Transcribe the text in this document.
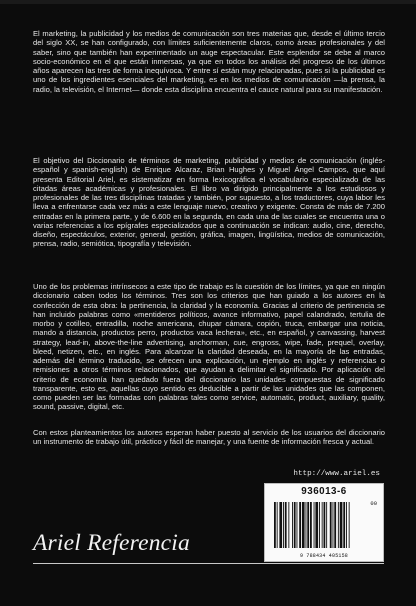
El marketing, la publicidad y los medios de comunicación son tres materias que, desde el último tercio del siglo XX, se han configurado, con límites suficientemente claros, como áreas profesionales y del saber, sino que también han experimentado un auge espectacular. Este esplendor se debe al marco socio-económico en el que están inmersas, ya que en todos los análisis del progreso de los últimos años aparecen las tres de forma inequívoca. Y entre sí están muy relacionadas, pues si la publicidad es uno de los ingredientes esenciales del marketing, es en los medios de comunicación —la prensa, la radio, la televisión, el Internet— donde esta disciplina encuentra el cauce natural para su manifestación.
El objetivo del Diccionario de términos de marketing, publicidad y medios de comunicación (inglés-español y spanish-english) de Enrique Alcaraz, Brian Hughes y Miguel Ángel Campos, que aquí presenta Editorial Ariel, es sistematizar en forma lexicográfica el vocabulario especializado de las citadas áreas académicas y profesionales. El libro va dirigido principalmente a los estudiosos y profesionales de las tres disciplinas tratadas y también, por supuesto, a los traductores, cuya labor les lleva a enfrentarse cada vez más a este lenguaje nuevo, creativo y exigente. Consta de más de 7.200 entradas en la primera parte, y de 6.600 en la segunda, en cada una de las cuales se encuentra una o varias referencias a los epígrafes especializados que a continuación se indican: audio, cine, derecho, diseño, espectáculos, exterior, general, gestión, gráfica, imagen, lingüística, medios de comunicación, prensa, radio, semiótica, tipografía y televisión.
Uno de los problemas intrínsecos a este tipo de trabajo es la cuestión de los límites, ya que en ningún diccionario caben todos los términos. Tres son los criterios que han guiado a los autores en la confección de esta obra: la pertinencia, la claridad y la economía. Gracias al criterio de pertinencia se han incluido palabras como «mentideros políticos, avance informativo, papel calandrado, tertulia de morbo y cotilleo, entradilla, noche americana, chupar cámara, copión, truca, embargar una noticia, mando a distancia, productos perro, productos vaca lechera», etc., en español, y canvassing, harvest strategy, lead-in, above-the-line advertising, anchorman, cue, engross, wipe, fade, prequel, overlay, bleed, netizen, etc., en inglés. Para alcanzar la claridad deseada, en la mayoría de las entradas, además del término traducido, se ofrecen una explicación, un ejemplo en inglés y referencias o remisiones a otros términos relacionados, que ayudan a delimitar el significado. Por aplicación del criterio de economía han quedado fuera del diccionario las unidades compuestas de significado transparente, esto es, aquellas cuyo sentido es deducible a partir de las unidades que las componen, como pueden ser las formadas con palabras tales como service, automatic, product, auxiliary, quality, sound, passive, digital, etc.
Con estos planteamientos los autores esperan haber puesto al servicio de los usuarios del diccionario un instrumento de trabajo útil, práctico y fácil de manejar, y una fuente de información fresca y actual.
http://www.ariel.es
936013-6
00
9 788434 405158
Ariel Referencia
